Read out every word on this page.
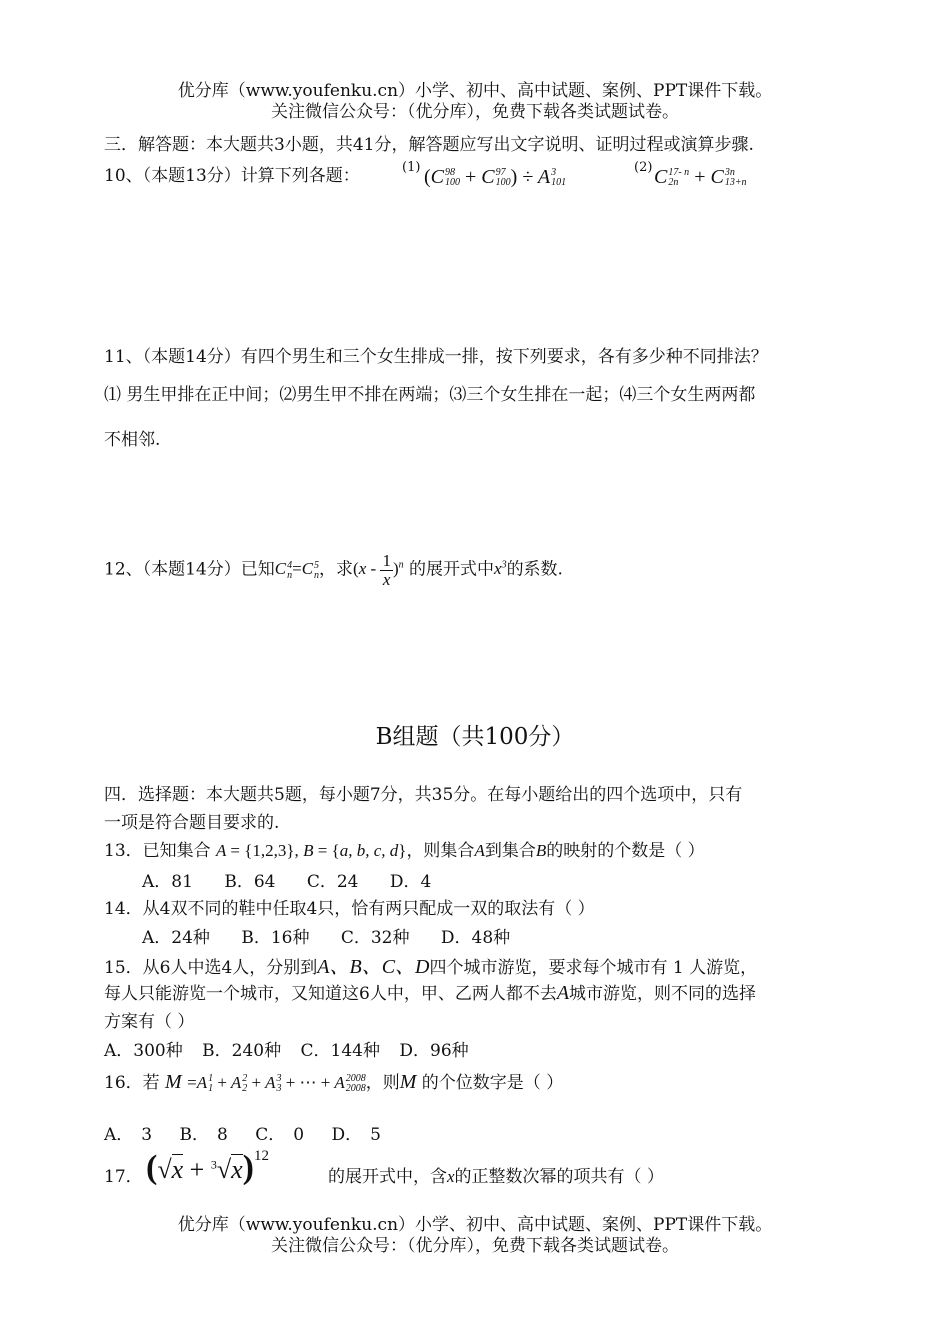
优分库（www.youfenku.cn）小学、初中、高中试题、案例、PPT课件下载。
关注微信公众号：（优分库），免费下载各类试题试卷。
三．解答题：本大题共3小题，共41分，解答题应写出文字说明、证明过程或演算步骤.
10、（本题13分）计算下列各题：	(1) (C 98
100 + C 97
100 ) ÷ A 3
101
(2) C 17- n
2n + C 3n
13+n
11、（本题14分）有四个男生和三个女生排成一排，按下列要求，各有多少种不同排法？
⑴ 男生甲排在正中间；⑵男生甲不排在两端；⑶三个女生排在一起；⑷三个女生两两都
不相邻.
12、（本题14分）已知C 4
n =C 5
n ，求$(x - \frac{1}{x} )^n$ 的展开式中$x^3$的系数.
B组题（共100分）
四．选择题：本大题共5题，每小题7分，共35分。在每小题给出的四个选项中，只有
一项是符合题目要求的.
13．已知集合 A = {1,2,3}, B = {a, b, c, d}，则集合A到集合B的映射的个数是（ ）
A．81 B．64 C．24 D．4
14．从4双不同的鞋中任取4只，恰有两只配成一双的取法有（ ）
A．24种 B．16种 C．32种 D．48种
15．从6人中选4人，分别到A、B、C、D四个城市游览，要求每个城市有 1 人游览，
每人只能游览一个城市，又知道这6人中，甲、乙两人都不去A城市游览，则不同的选择
方案有（ ）
A．300种 B．240种 C．144种 D．96种
16．若 M =A 1
1 + A 2
2 + A 3
3 + ⋯ + A 2008
2008 ，则M 的个位数字是（ ）
A． 3 B． 8 C． 0 D． 5
17． $(√x + ^3√x)^{12}$
的展开式中，含x的正整数次幂的项共有（ ）
优分库（www.youfenku.cn）小学、初中、高中试题、案例、PPT课件下载。
关注微信公众号：（优分库），免费下载各类试题试卷。
